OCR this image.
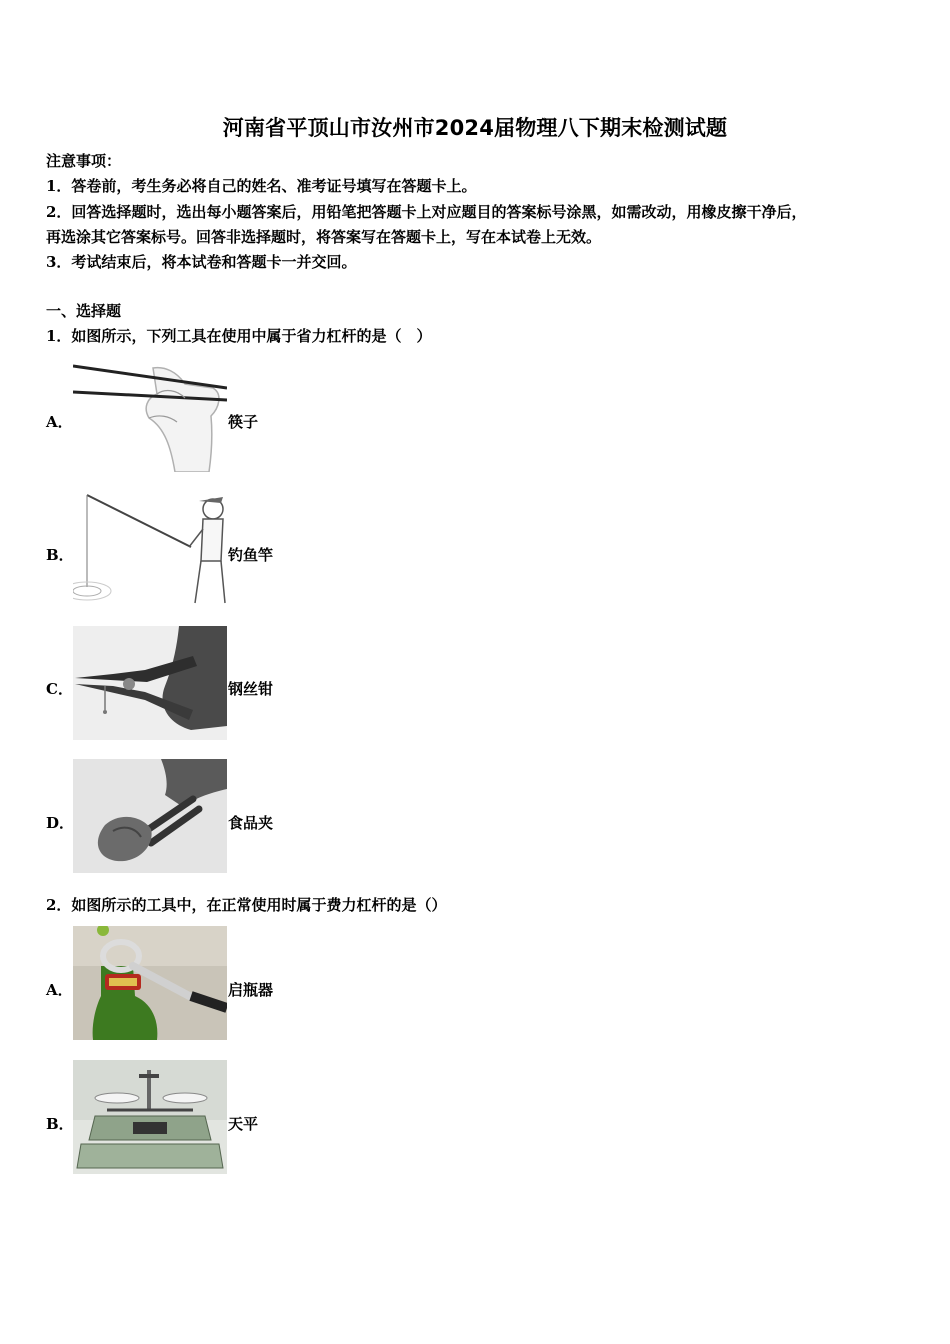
河南省平顶山市汝州市2024届物理八下期末检测试题
注意事项：
1．答卷前，考生务必将自己的姓名、准考证号填写在答题卡上。
2．回答选择题时，选出每小题答案后，用铅笔把答题卡上对应题目的答案标号涂黑，如需改动，用橡皮擦干净后，
再选涂其它答案标号。回答非选择题时，将答案写在答题卡上，写在本试卷上无效。
3．考试结束后，将本试卷和答题卡一并交回。
一、选择题
1．如图所示，下列工具在使用中属于省力杠杆的是（　）
A．	筷子
B．	钓鱼竿
C．	钢丝钳
D．	食品夹
2．如图所示的工具中，在正常使用时属于费力杠杆的是（）
A．	启瓶器
B．	天平
